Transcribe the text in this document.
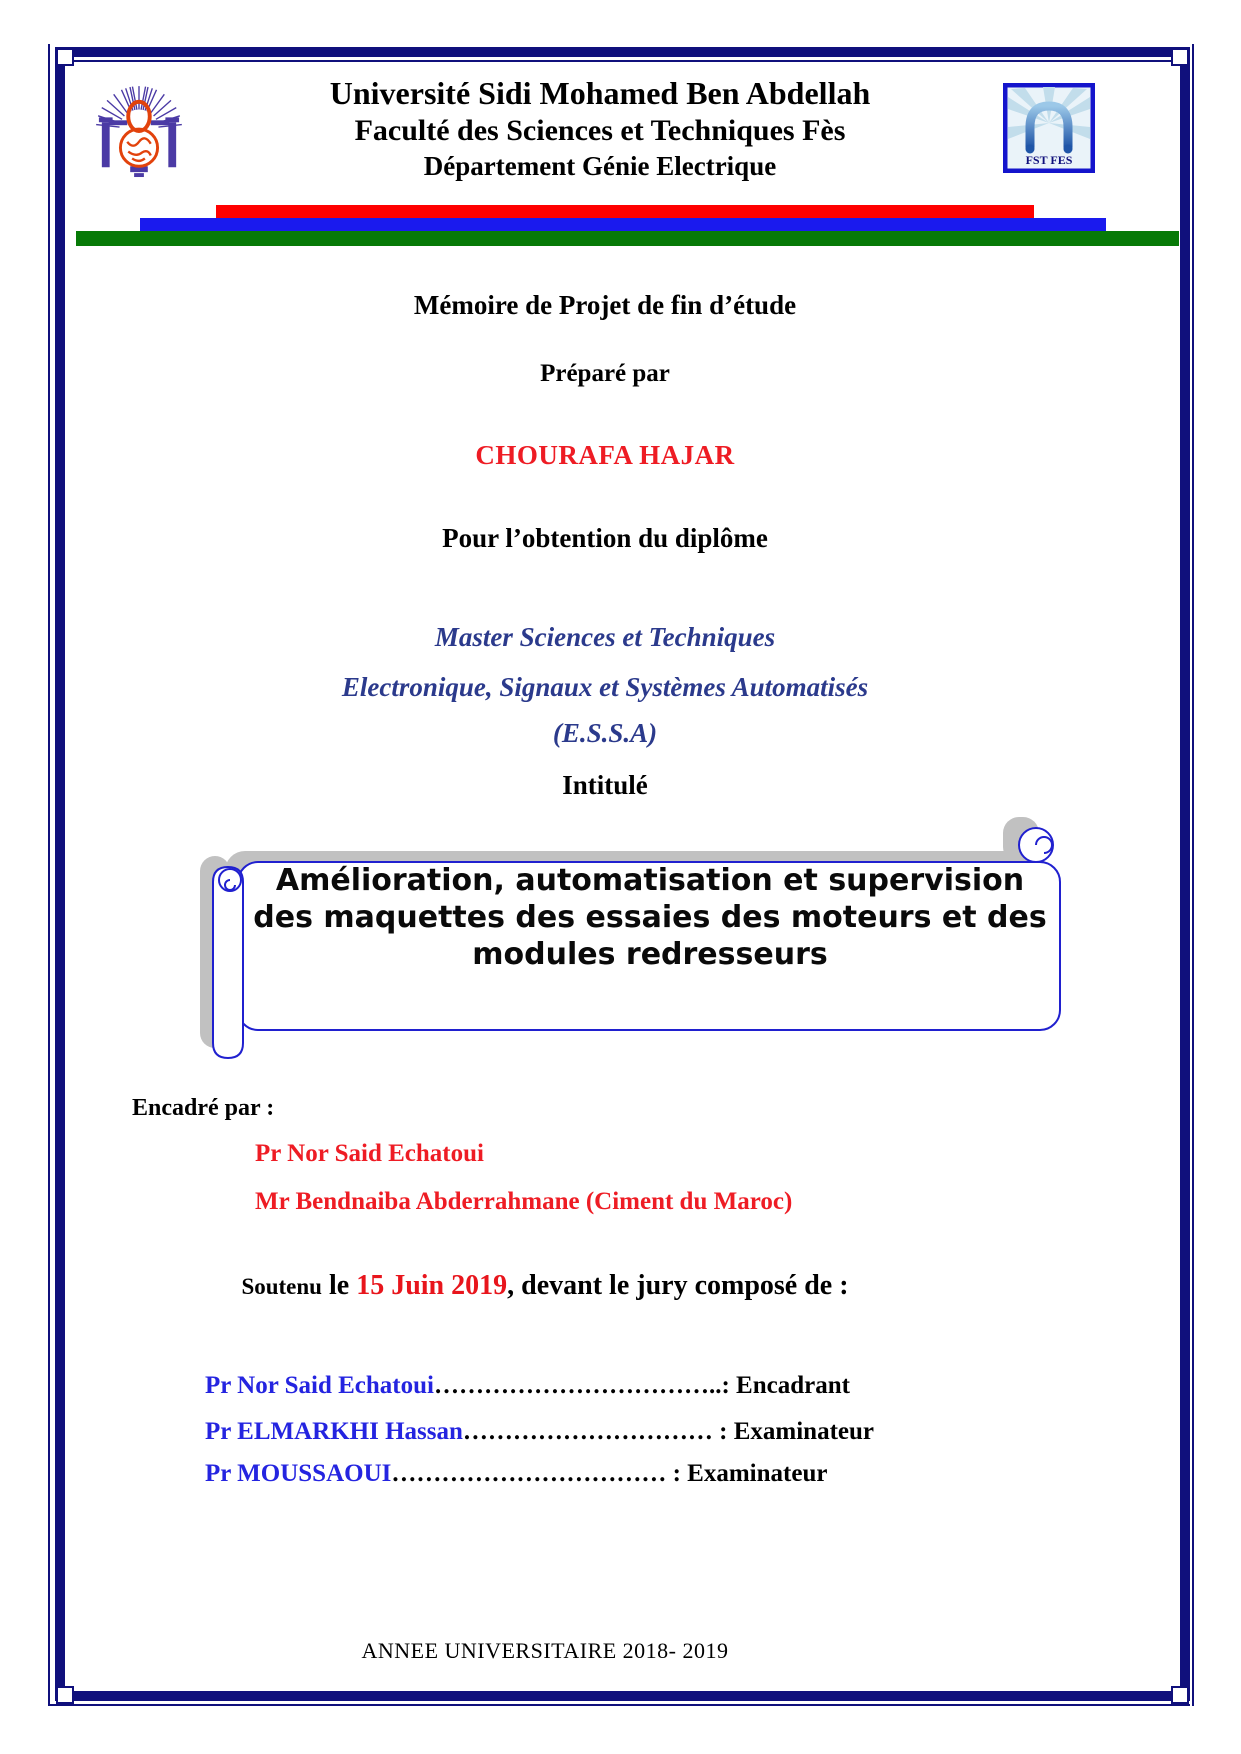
Université Sidi Mohamed Ben Abdellah
Faculté des Sciences et Techniques Fès
Département Génie Electrique	FST FES
Mémoire de Projet de fin d’étude
Préparé par
CHOURAFA HAJAR
Pour l’obtention du diplôme
Master Sciences et Techniques
Electronique, Signaux et Systèmes Automatisés
(E.S.S.A)
Intitulé
Amélioration, automatisation et supervision
des maquettes des essaies des moteurs et des
modules redresseurs
Encadré par :
Pr Nor Said Echatoui
Mr Bendnaiba Abderrahmane (Ciment du Maroc)
Soutenu le 15 Juin 2019, devant le jury composé de :
Pr Nor Said Echatoui……………………………..: Encadrant
Pr ELMARKHI Hassan………………………… : Examinateur
Pr MOUSSAOUI…………………………… : Examinateur
ANNEE UNIVERSITAIRE 2018- 2019
